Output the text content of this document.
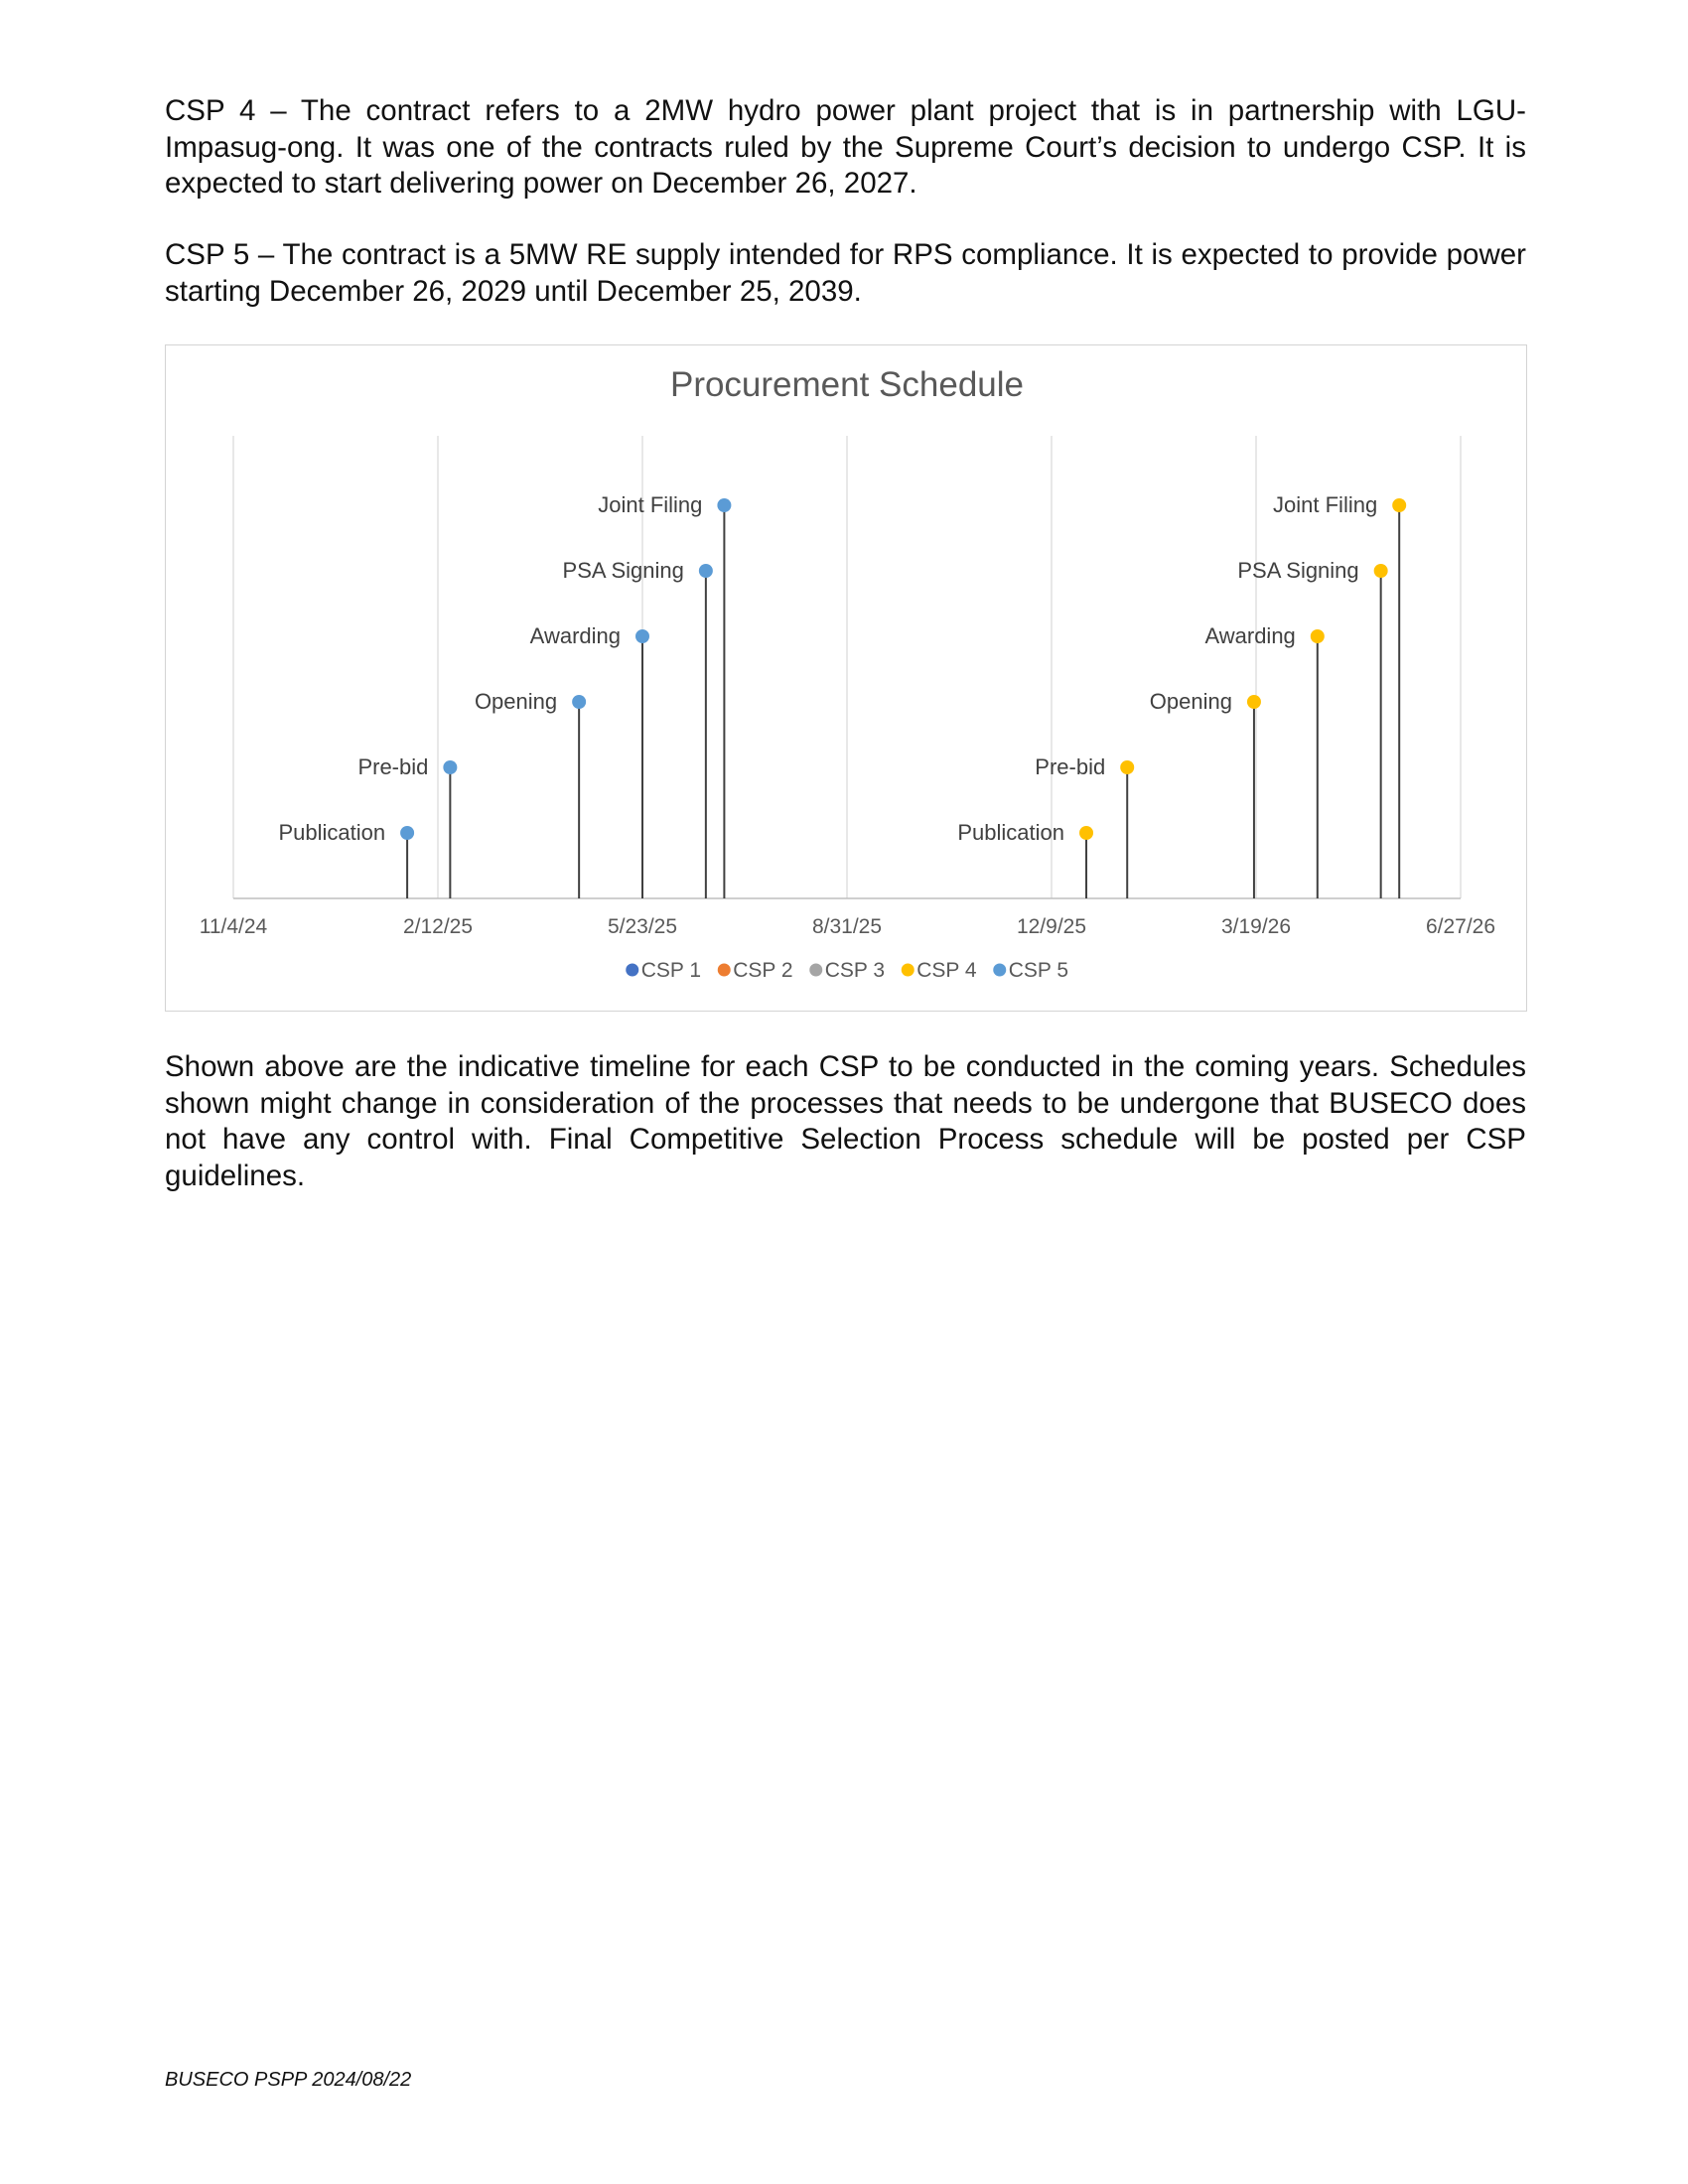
CSP 4 – The contract refers to a 2MW hydro power plant project that is in partnership with LGU-Impasug-ong. It was one of the contracts ruled by the Supreme Court’s decision to undergo CSP. It is expected to start delivering power on December 26, 2027.

CSP 5 – The contract is a 5MW RE supply intended for RPS compliance. It is expected to provide power starting December 26, 2029 until December 25, 2039.

Procurement Schedule
11/4/24	2/12/25	5/23/25	8/31/25	12/9/25	3/19/26	6/27/26
Publication
Pre-bid
Opening
Awarding
PSA Signing
Joint Filing
Publication
Pre-bid
Opening
Awarding
PSA Signing
Joint Filing
CSP 1 CSP 2 CSP 3 CSP 4 CSP 5

Shown above are the indicative timeline for each CSP to be conducted in the coming years. Schedules shown might change in consideration of the processes that needs to be undergone that BUSECO does not have any control with. Final Competitive Selection Process schedule will be posted per CSP guidelines.

BUSECO PSPP 2024/08/22
